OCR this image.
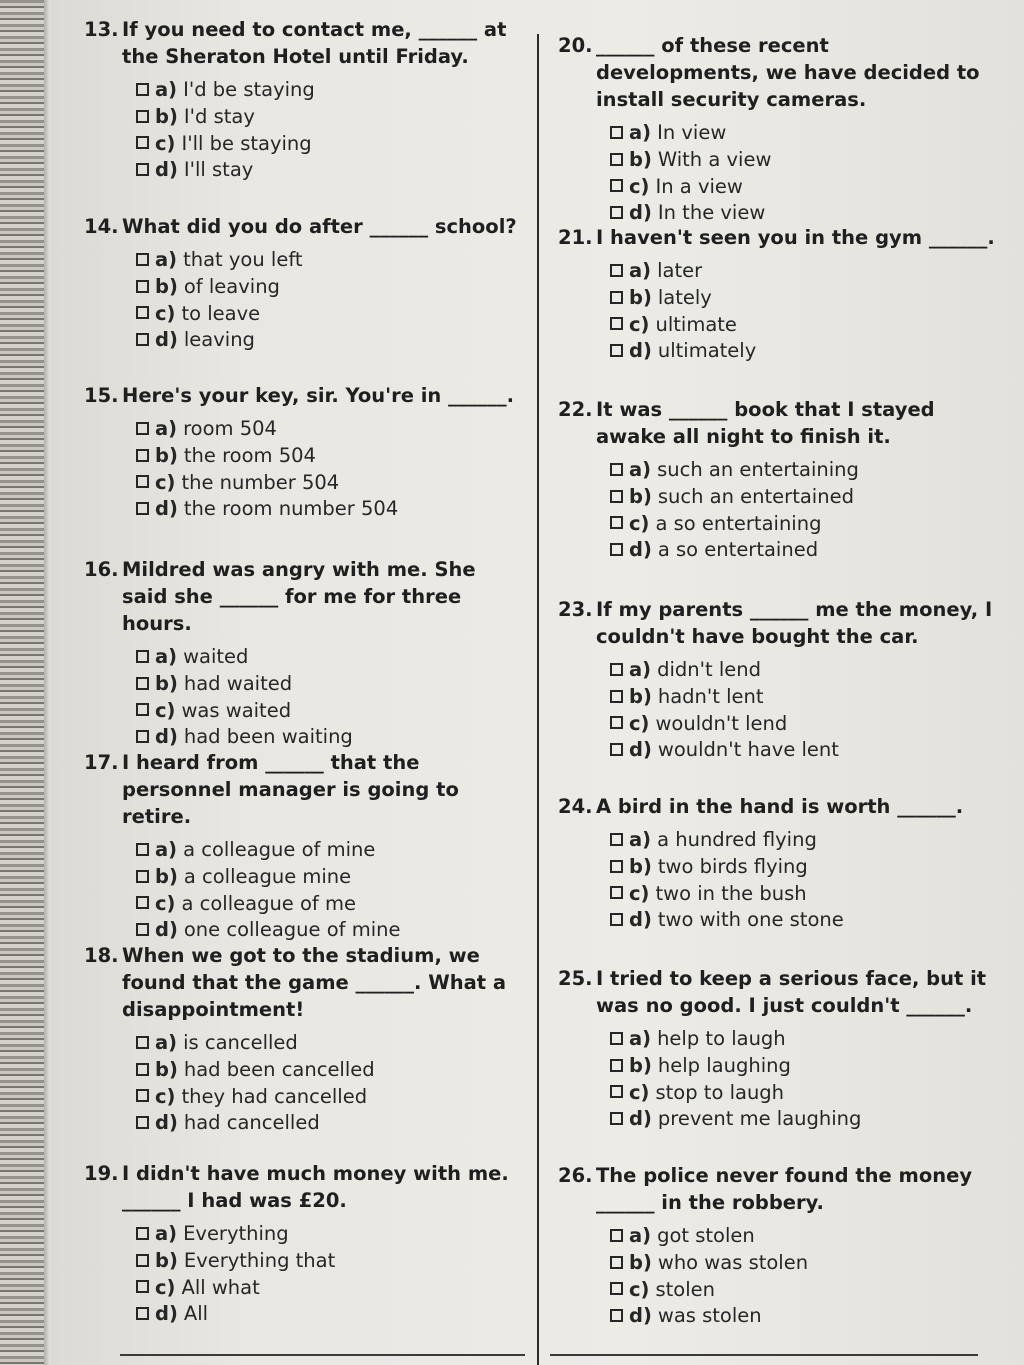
13. If you need to contact me, ______ at the Sheraton Hotel until Friday.
a) I'd be staying
b) I'd stay
c) I'll be staying
d) I'll stay
14. What did you do after ______ school?
a) that you left
b) of leaving
c) to leave
d) leaving
15. Here's your key, sir. You're in ______.
a) room 504
b) the room 504
c) the number 504
d) the room number 504
16. Mildred was angry with me. She said she ______ for me for three hours.
a) waited
b) had waited
c) was waited
d) had been waiting
17. I heard from ______ that the personnel manager is going to retire.
a) a colleague of mine
b) a colleague mine
c) a colleague of me
d) one colleague of mine
18. When we got to the stadium, we found that the game ______. What a disappointment!
a) is cancelled
b) had been cancelled
c) they had cancelled
d) had cancelled
19. I didn't have much money with me. ______ I had was £20.
a) Everything
b) Everything that
c) All what
d) All
20. ______ of these recent developments, we have decided to install security cameras.
a) In view
b) With a view
c) In a view
d) In the view
21. I haven't seen you in the gym ______.
a) later
b) lately
c) ultimate
d) ultimately
22. It was ______ book that I stayed awake all night to finish it.
a) such an entertaining
b) such an entertained
c) a so entertaining
d) a so entertained
23. If my parents ______ me the money, I couldn't have bought the car.
a) didn't lend
b) hadn't lent
c) wouldn't lend
d) wouldn't have lent
24. A bird in the hand is worth ______.
a) a hundred flying
b) two birds flying
c) two in the bush
d) two with one stone
25. I tried to keep a serious face, but it was no good. I just couldn't ______.
a) help to laugh
b) help laughing
c) stop to laugh
d) prevent me laughing
26. The police never found the money ______ in the robbery.
a) got stolen
b) who was stolen
c) stolen
d) was stolen
